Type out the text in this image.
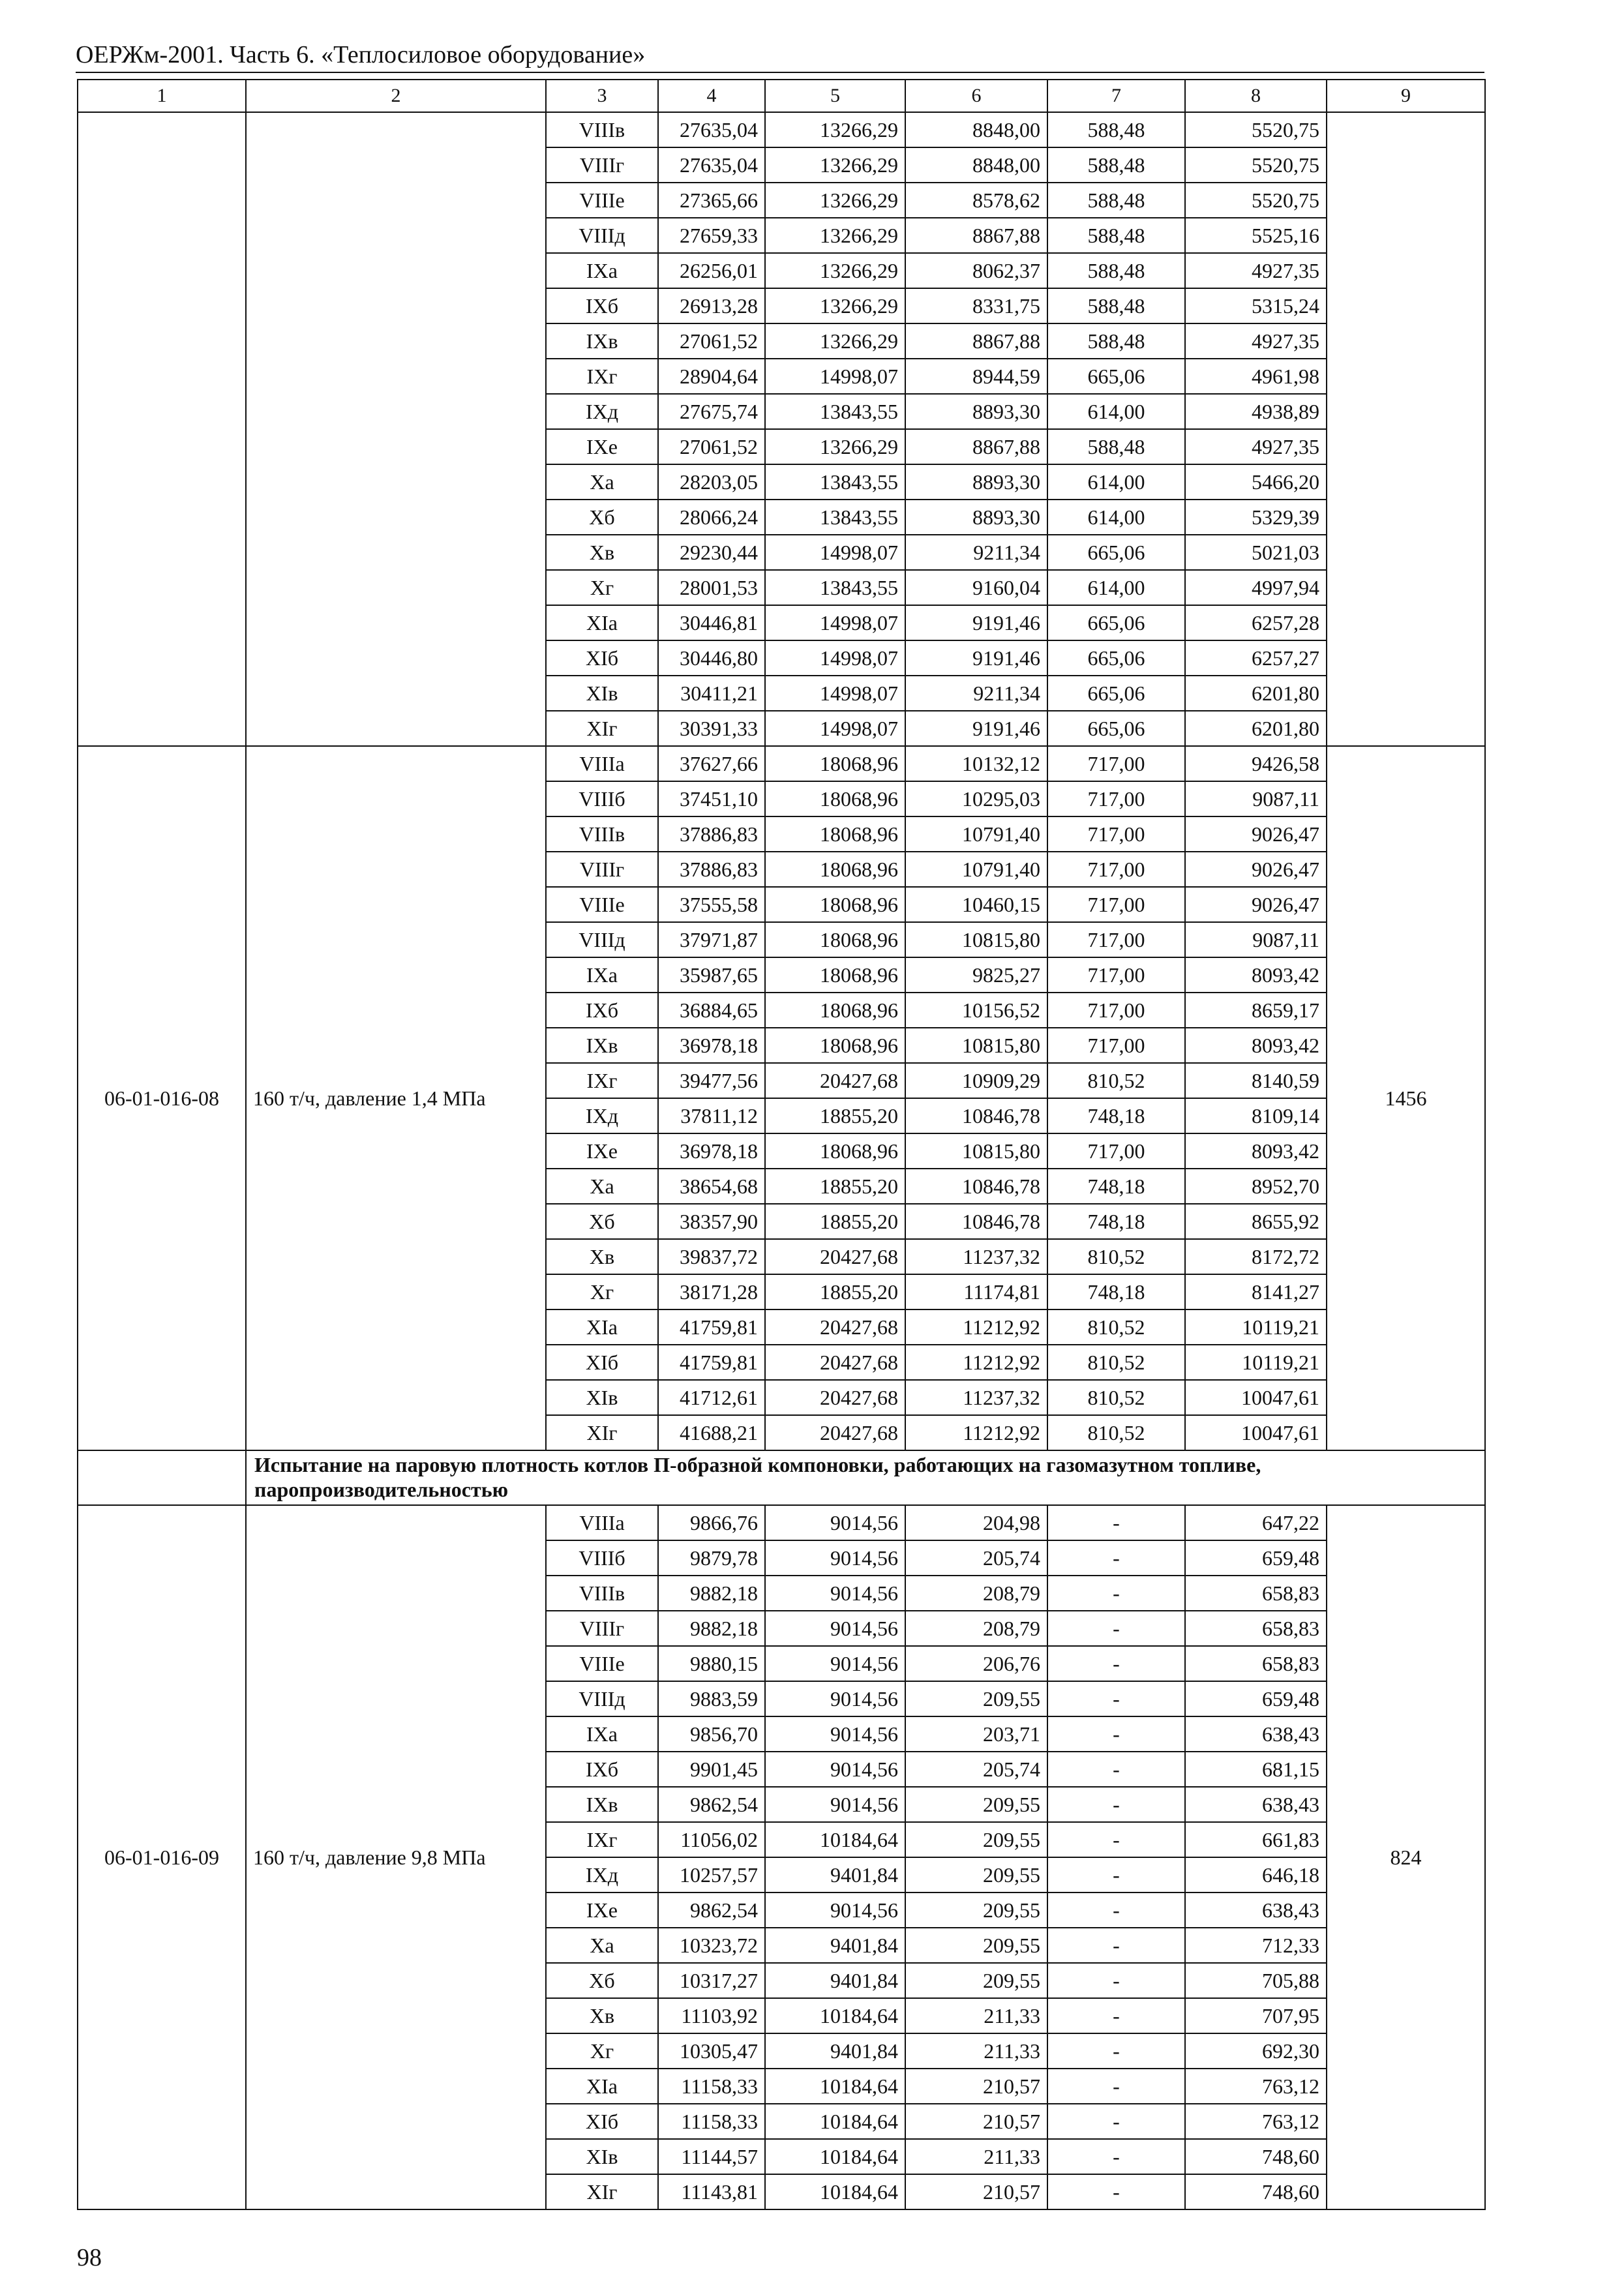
ОЕРЖм-2001. Часть 6. «Теплосиловое оборудование»
1	2	3	4	5	6	7	8	9
		VIIIв	27635,04	13266,29	8848,00	588,48	5520,75	
		VIIIг	27635,04	13266,29	8848,00	588,48	5520,75	
		VIIIе	27365,66	13266,29	8578,62	588,48	5520,75	
		VIIIд	27659,33	13266,29	8867,88	588,48	5525,16	
		IXa	26256,01	13266,29	8062,37	588,48	4927,35	
		IXб	26913,28	13266,29	8331,75	588,48	5315,24	
		IXв	27061,52	13266,29	8867,88	588,48	4927,35	
		IXг	28904,64	14998,07	8944,59	665,06	4961,98	
		IXд	27675,74	13843,55	8893,30	614,00	4938,89	
		IXе	27061,52	13266,29	8867,88	588,48	4927,35	
		Xa	28203,05	13843,55	8893,30	614,00	5466,20	
		Xб	28066,24	13843,55	8893,30	614,00	5329,39	
		Xв	29230,44	14998,07	9211,34	665,06	5021,03	
		Xг	28001,53	13843,55	9160,04	614,00	4997,94	
		XIa	30446,81	14998,07	9191,46	665,06	6257,28	
		XIб	30446,80	14998,07	9191,46	665,06	6257,27	
		XIв	30411,21	14998,07	9211,34	665,06	6201,80	
		XIг	30391,33	14998,07	9191,46	665,06	6201,80	
06-01-016-08	160 т/ч, давление 1,4 МПа	VIIIa	37627,66	18068,96	10132,12	717,00	9426,58	1456
		VIIIб	37451,10	18068,96	10295,03	717,00	9087,11	
		VIIIв	37886,83	18068,96	10791,40	717,00	9026,47	
		VIIIг	37886,83	18068,96	10791,40	717,00	9026,47	
		VIIIе	37555,58	18068,96	10460,15	717,00	9026,47	
		VIIIд	37971,87	18068,96	10815,80	717,00	9087,11	
		IXa	35987,65	18068,96	9825,27	717,00	8093,42	
		IXб	36884,65	18068,96	10156,52	717,00	8659,17	
		IXв	36978,18	18068,96	10815,80	717,00	8093,42	
		IXг	39477,56	20427,68	10909,29	810,52	8140,59	
		IXд	37811,12	18855,20	10846,78	748,18	8109,14	
		IXе	36978,18	18068,96	10815,80	717,00	8093,42	
		Xa	38654,68	18855,20	10846,78	748,18	8952,70	
		Xб	38357,90	18855,20	10846,78	748,18	8655,92	
		Xв	39837,72	20427,68	11237,32	810,52	8172,72	
		Xг	38171,28	18855,20	11174,81	748,18	8141,27	
		XIa	41759,81	20427,68	11212,92	810,52	10119,21	
		XIб	41759,81	20427,68	11212,92	810,52	10119,21	
		XIв	41712,61	20427,68	11237,32	810,52	10047,61	
		XIг	41688,21	20427,68	11212,92	810,52	10047,61	
	Испытание на паровую плотность котлов П-образной компоновки, работающих на газомазутном топливе, паропроизводительностью							
06-01-016-09	160 т/ч, давление 9,8 МПа	VIIIa	9866,76	9014,56	204,98	-	647,22	824
		VIIIб	9879,78	9014,56	205,74	-	659,48	
		VIIIв	9882,18	9014,56	208,79	-	658,83	
		VIIIг	9882,18	9014,56	208,79	-	658,83	
		VIIIе	9880,15	9014,56	206,76	-	658,83	
		VIIIд	9883,59	9014,56	209,55	-	659,48	
		IXa	9856,70	9014,56	203,71	-	638,43	
		IXб	9901,45	9014,56	205,74	-	681,15	
		IXв	9862,54	9014,56	209,55	-	638,43	
		IXг	11056,02	10184,64	209,55	-	661,83	
		IXд	10257,57	9401,84	209,55	-	646,18	
		IXе	9862,54	9014,56	209,55	-	638,43	
		Xa	10323,72	9401,84	209,55	-	712,33	
		Xб	10317,27	9401,84	209,55	-	705,88	
		Xв	11103,92	10184,64	211,33	-	707,95	
		Xг	10305,47	9401,84	211,33	-	692,30	
		XIa	11158,33	10184,64	210,57	-	763,12	
		XIб	11158,33	10184,64	210,57	-	763,12	
		XIв	11144,57	10184,64	211,33	-	748,60	
		XIг	11143,81	10184,64	210,57	-	748,60	
98
